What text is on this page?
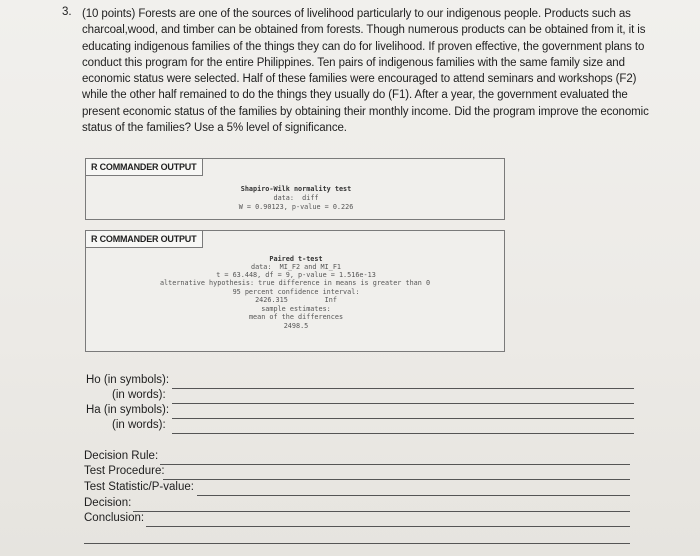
3. (10 points) Forests are one of the sources of livelihood particularly to our indigenous people. Products such as charcoal,wood, and timber can be obtained from forests. Though numerous products can be obtained from it, it is educating indigenous families of the things they can do for livelihood. If proven effective, the government plans to conduct this program for the entire Philippines. Ten pairs of indigenous families with the same family size and economic status were selected. Half of these families were encouraged to attend seminars and workshops (F2) while the other half remained to do the things they usually do (F1). After a year, the government evaluated the present economic status of the families by obtaining their monthly income. Did the program improve the economic status of the families? Use a 5% level of significance.
R COMMANDER OUTPUT
Shapiro-Wilk normality test
data:  diff
W = 0.90123, p-value = 0.226
R COMMANDER OUTPUT
Paired t-test
data:  MI_F2 and MI_F1
t = 63.448, df = 9, p-value = 1.516e-13
alternative hypothesis: true difference in means is greater than 0
95 percent confidence interval:
2426.315         Inf
sample estimates:
mean of the differences
2498.5
Ho (in symbols):
(in words):
Ha (in symbols):
(in words):
Decision Rule:
Test Procedure:
Test Statistic/P-value:
Decision:
Conclusion:
